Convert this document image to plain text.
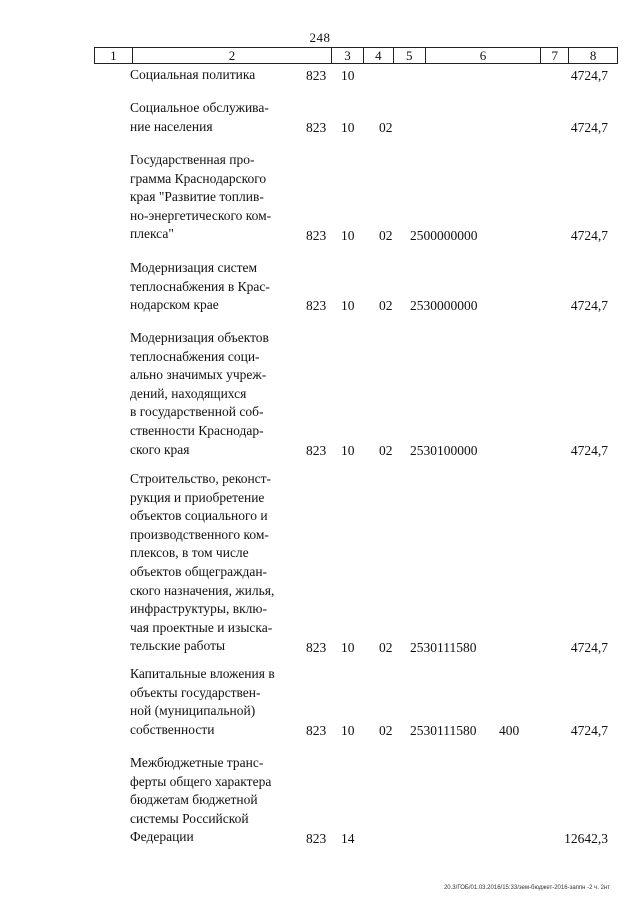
248
1	2	3	4	5	6	7	8
Социальная политика	823 10	4724,7
Социальное обслужива-
ние населения	823 10 02	4724,7
Государственная про-
грамма Краснодарского
края "Развитие топлив-
но-энергетического ком-
плекса"	823 10 02 2500000000	4724,7
Модернизация систем
теплоснабжения в Крас-
нодарском крае	823 10 02 2530000000	4724,7
Модернизация объектов
теплоснабжения соци-
ально значимых учреж-
дений, находящихся
в государственной соб-
ственности Краснодар-
ского края	823 10 02 2530100000	4724,7
Строительство, реконст-
рукция и приобретение
объектов социального и
производственного ком-
плексов, в том числе
объектов общеграждан-
ского назначения, жилья,
инфраструктуры, вклю-
чая проектные и изыска-
тельские работы	823 10 02 2530111580	4724,7
Капитальные вложения в
объекты государствен-
ной (муниципальной)
собственности	823 10 02 2530111580 400	4724,7
Межбюджетные транс-
ферты общего характера
бюджетам бюджетной
системы Российской
Федерации	823 14	12642,3
20.3/ГОБ/01.03.2016/15:33/зем-бюджет-2016-заппн -2 ч. 2нт
